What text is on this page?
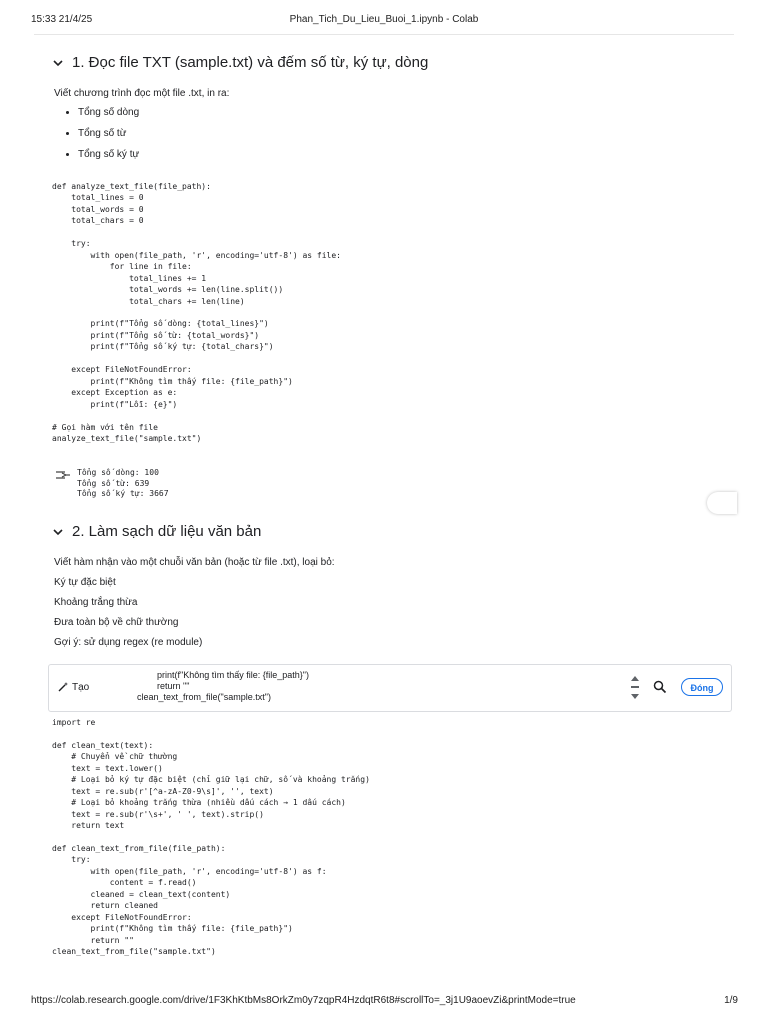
15:33 21/4/25	Phan_Tich_Du_Lieu_Buoi_1.ipynb - Colab
1. Đọc file TXT (sample.txt) và đếm số từ, ký tự, dòng
Viết chương trình đọc một file .txt, in ra:
• Tổng số dòng
• Tổng số từ
• Tổng số ký tự
def analyze_text_file(file_path):
total_lines = 0
total_words = 0
total_chars = 0

try:
with open(file_path, 'r', encoding='utf-8') as file:
for line in file:
total_lines += 1
total_words += len(line.split())
total_chars += len(line)

print(f"Tổng số dòng: {total_lines}")
print(f"Tổng số từ: {total_words}")
print(f"Tổng số ký tự: {total_chars}")

except FileNotFoundError:
print(f"Không tìm thấy file: {file_path}")
except Exception as e:
print(f"Lỗi: {e}")

# Gọi hàm với tên file
analyze_text_file("sample.txt")
Tổng số dòng: 100
Tổng số từ: 639
Tổng số ký tự: 3667
2. Làm sạch dữ liệu văn bản
Viết hàm nhận vào một chuỗi văn bản (hoặc từ file .txt), loại bỏ:
Ký tự đặc biệt
Khoảng trắng thừa
Đưa toàn bộ về chữ thường
Gợi ý: sử dụng regex (re module)
Tạo
print(f"Không tìm thấy file: {file_path}")
return ""
clean_text_from_file("sample.txt")
Đóng
import re

def clean_text(text):
# Chuyển về chữ thường
text = text.lower()
# Loại bỏ ký tự đặc biệt (chỉ giữ lại chữ, số và khoảng trắng)
text = re.sub(r'[^a-zA-Z0-9\s]', '', text)
# Loại bỏ khoảng trắng thừa (nhiều dấu cách → 1 dấu cách)
text = re.sub(r'\s+', ' ', text).strip()
return text

def clean_text_from_file(file_path):
try:
with open(file_path, 'r', encoding='utf-8') as f:
content = f.read()
cleaned = clean_text(content)
return cleaned
except FileNotFoundError:
print(f"Không tìm thấy file: {file_path}")
return ""
clean_text_from_file("sample.txt")
https://colab.research.google.com/drive/1F3KhKtbMs8OrkZm0y7zqpR4HzdqtR6t8#scrollTo=_3j1U9aoevZi&printMode=true	1/9
